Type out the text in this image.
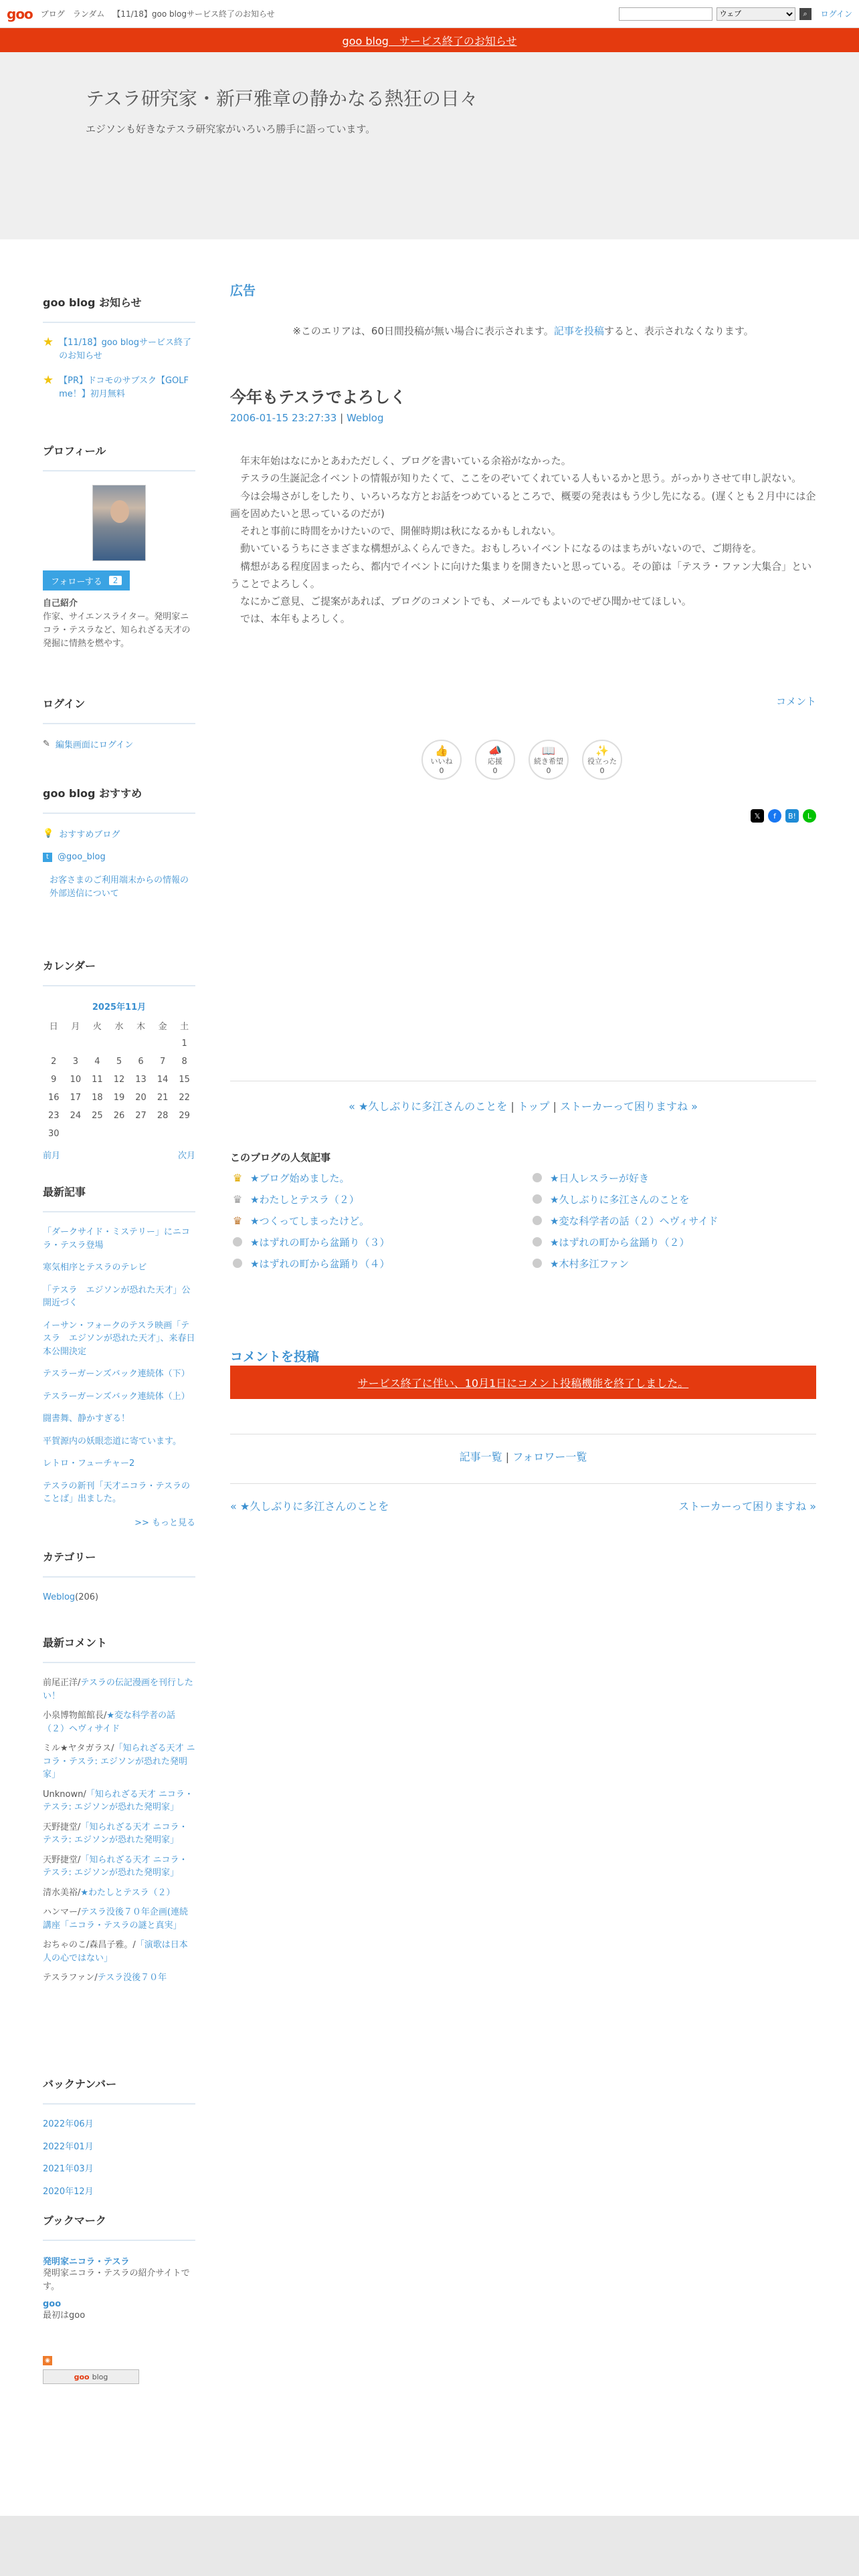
goo ブログ ランダム 【11/18】goo blogサービス終了のお知らせ
ウェブ	⌕	ログイン
goo blog　サービス終了のお知らせ
テスラ研究家・新戸雅章の静かなる熱狂の日々
エジソンも好きなテスラ研究家がいろいろ勝手に語っています。
goo blog お知らせ
★ 【11/18】goo blogサービス終了のお知らせ
★ 【PR】ドコモのサブスク【GOLF me！】初月無料
プロフィール
フォローする	2
自己紹介
作家、サイエンスライター。発明家ニコラ・テスラなど、知られざる天才の発掘に情熱を燃やす。
ログイン
✎ 編集画面にログイン
goo blog おすすめ
💡 おすすめブログ
t	@goo_blog
お客さまのご利用端末からの情報の外部送信について
カレンダー
2025年11月
日	月	火	水	木	金	土
						1
2	3	4	5	6	7	8
9	10	11	12	13	14	15
16	17	18	19	20	21	22
23	24	25	26	27	28	29
30						
前月	次月
最新記事
「ダークサイド・ミステリー」にニコラ・テスラ登場
寒気相序とテスラのテレビ
「テスラ　エジソンが恐れた天才」公開近づく
イーサン・フォークのテスラ映画「テスラ　エジソンが恐れた天才」、来春日本公開決定
テスラーガーンズバック連続体（下）
テスラーガーンズバック連続体（上）
闘書舞、静かすぎる！
平賀源内の妖眼恋道に寄ています。
レトロ・フューチャー2
テスラの新刊「天才ニコラ・テスラのことば」出ました。
>> もっと見る
カテゴリー
Weblog(206)
最新コメント
前尾正洋/テスラの伝記漫画を刊行したい！
小泉博物館館長/★変な科学者の話（２）ヘヴィサイド
ミル★ヤタガラス/「知られざる天才 ニコラ・テスラ: エジソンが恐れた発明家」
Unknown/「知られざる天才 ニコラ・テスラ: エジソンが恐れた発明家」
天野捷堂/「知られざる天才 ニコラ・テスラ: エジソンが恐れた発明家」
天野捷堂/「知られざる天才 ニコラ・テスラ: エジソンが恐れた発明家」
清水美裕/★わたしとテスラ（２）
ハンマー/テスラ没後７０年企画(連続講座「ニコラ・テスラの謎と真実」
おちゃのこ/森昌子雅。/「演歌は日本人の心ではない」
テスラファン/テスラ没後７０年
バックナンバー
2022年06月
2022年01月
2021年03月
2020年12月
ブックマーク
発明家ニコラ・テスラ
発明家ニコラ・テスラの紹介サイトです。
goo
最初はgoo
◉
goo blog
広告
※このエリアは、60日間投稿が無い場合に表示されます。記事を投稿すると、表示されなくなります。
今年もテスラでよろしく
2006-01-15 23:27:33 | Weblog

年末年始はなにかとあわただしく、ブログを書いている余裕がなかった。

テスラの生誕記念イベントの情報が知りたくて、ここをのぞいてくれている人もいるかと思う。がっかりさせて申し訳ない。

今は会場さがしをしたり、いろいろな方とお話をつめているところで、概要の発表はもう少し先になる。(遅くとも２月中には企画を固めたいと思っているのだが)

それと事前に時間をかけたいので、開催時期は秋になるかもしれない。

動いているうちにさまざまな構想がふくらんできた。おもしろいイベントになるのはまちがいないので、ご期待を。

構想がある程度固まったら、都内でイベントに向けた集まりを開きたいと思っている。その節は「テスラ・ファン大集合」ということでよろしく。

なにかご意見、ご提案があれば、ブログのコメントでも、メールでもよいのでぜひ聞かせてほしい。

では、本年もよろしく。

コメント
👍
いいね
0
📣
応援
0
📖
続き希望
0
✨
役立った
0
𝕏	f	B!	L
« ★久しぶりに多江さんのことを | トップ | ストーカーって困りますね »
このブログの人気記事
♛ ★ブログ始めました。	★日人レスラーが好き
♛ ★わたしとテスラ（２）	★久しぶりに多江さんのことを
♛ ★つくってしまったけど。	★変な科学者の話（２）ヘヴィサイド
★はずれの町から盆踊り（３）	★はずれの町から盆踊り（２）
★はずれの町から盆踊り（４）	★木村多江ファン
コメントを投稿
サービス終了に伴い、10月1日にコメント投稿機能を終了しました。
記事一覧 | フォロワー一覧
« ★久しぶりに多江さんのことを	ストーカーって困りますね »
